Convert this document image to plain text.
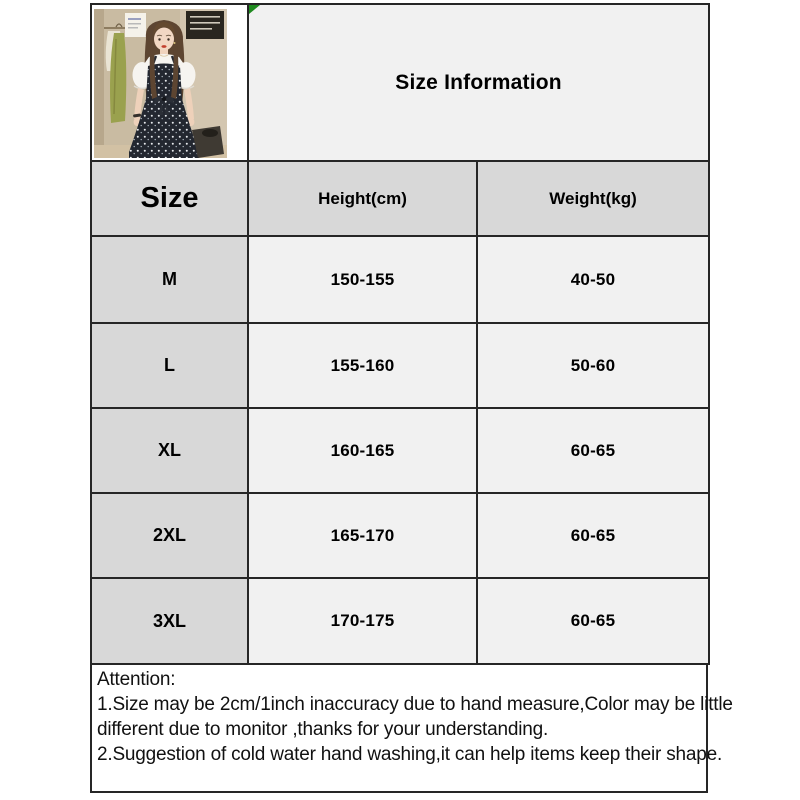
Size Information	
Size	Height(cm)	Weight(kg)
M	150-155	40-50
L	155-160	50-60
XL	160-165	60-65
2XL	165-170	60-65
3XL	170-175	60-65
Attention:
1.Size may be 2cm/1inch inaccuracy due to hand measure,Color may be little
different due to monitor ,thanks for your understanding.
2.Suggestion of cold water hand washing,it can help items keep their shape.
